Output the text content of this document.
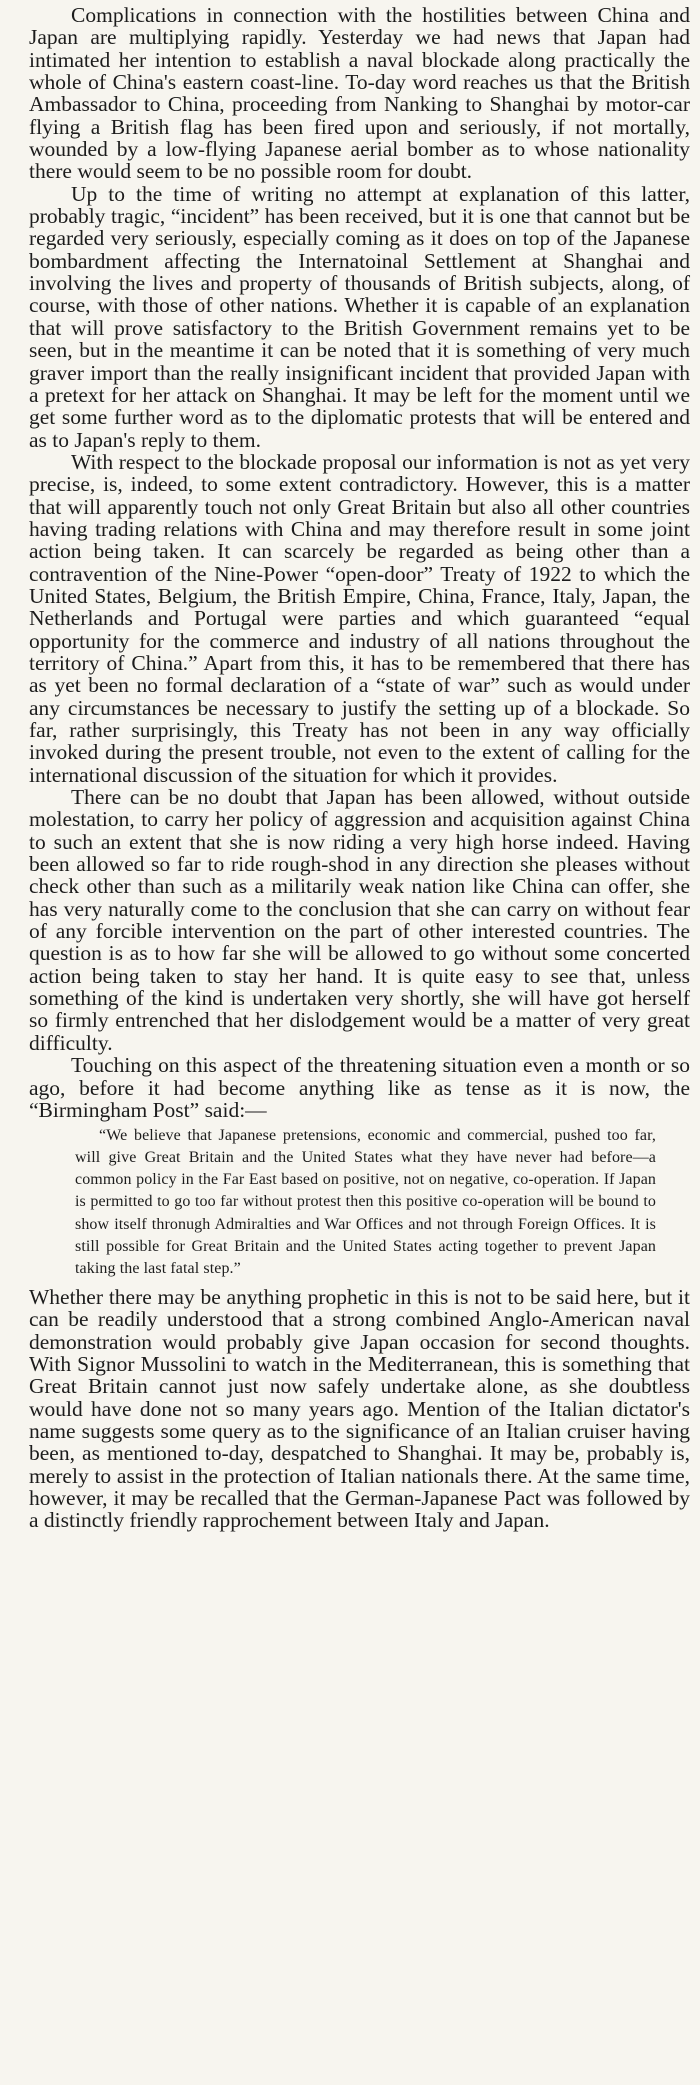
Complications in connection with the hostilities between China and Japan are multiplying rapidly. Yesterday we had news that Japan had intimated her intention to establish a naval blockade along practically the whole of China's eastern coast-line. To-day word reaches us that the British Ambassador to China, proceeding from Nanking to Shanghai by motor-car flying a British flag has been fired upon and seriously, if not mortally, wounded by a low-flying Japanese aerial bomber as to whose nationality there would seem to be no possible room for doubt.

Up to the time of writing no attempt at explanation of this latter, probably tragic, “incident” has been received, but it is one that cannot but be regarded very seriously, especially coming as it does on top of the Japanese bombardment affecting the Internatoinal Settlement at Shanghai and involving the lives and property of thousands of British subjects, along, of course, with those of other nations. Whether it is capable of an explanation that will prove satisfactory to the British Government remains yet to be seen, but in the meantime it can be noted that it is something of very much graver import than the really insignificant incident that provided Japan with a pretext for her attack on Shanghai. It may be left for the moment until we get some further word as to the diplomatic protests that will be entered and as to Japan's reply to them.

With respect to the blockade proposal our information is not as yet very precise, is, indeed, to some extent contradictory. However, this is a matter that will apparently touch not only Great Britain but also all other countries having trading relations with China and may therefore result in some joint action being taken. It can scarcely be regarded as being other than a contravention of the Nine-Power “open-door” Treaty of 1922 to which the United States, Belgium, the British Empire, China, France, Italy, Japan, the Netherlands and Portugal were parties and which guaranteed “equal opportunity for the commerce and industry of all nations throughout the territory of China.” Apart from this, it has to be remembered that there has as yet been no formal declaration of a “state of war” such as would under any circumstances be necessary to justify the setting up of a blockade. So far, rather surprisingly, this Treaty has not been in any way officially invoked during the present trouble, not even to the extent of calling for the international discussion of the situation for which it provides.

There can be no doubt that Japan has been allowed, without outside molestation, to carry her policy of aggression and acquisition against China to such an extent that she is now riding a very high horse indeed. Having been allowed so far to ride rough-shod in any direction she pleases without check other than such as a militarily weak nation like China can offer, she has very naturally come to the conclusion that she can carry on without fear of any forcible intervention on the part of other interested countries. The question is as to how far she will be allowed to go without some concerted action being taken to stay her hand. It is quite easy to see that, unless something of the kind is undertaken very shortly, she will have got herself so firmly entrenched that her dislodgement would be a matter of very great difficulty.

Touching on this aspect of the threatening situation even a month or so ago, before it had become anything like as tense as it is now, the “Birmingham Post” said:—

“We believe that Japanese pretensions, economic and commercial, pushed too far, will give Great Britain and the United States what they have never had before—a common policy in the Far East based on positive, not on negative, co-operation. If Japan is permitted to go too far without protest then this positive co-operation will be bound to show itself thronugh Admiralties and War Offices and not through Foreign Offices. It is still possible for Great Britain and the United States acting together to prevent Japan taking the last fatal step.”

Whether there may be anything prophetic in this is not to be said here, but it can be readily understood that a strong combined Anglo-American naval demonstration would probably give Japan occasion for second thoughts. With Signor Mussolini to watch in the Mediterranean, this is something that Great Britain cannot just now safely undertake alone, as she doubtless would have done not so many years ago. Mention of the Italian dictator's name suggests some query as to the significance of an Italian cruiser having been, as mentioned to-day, despatched to Shanghai. It may be, probably is, merely to assist in the protection of Italian nationals there. At the same time, however, it may be recalled that the German-Japanese Pact was followed by a distinctly friendly rapprochement between Italy and Japan.
